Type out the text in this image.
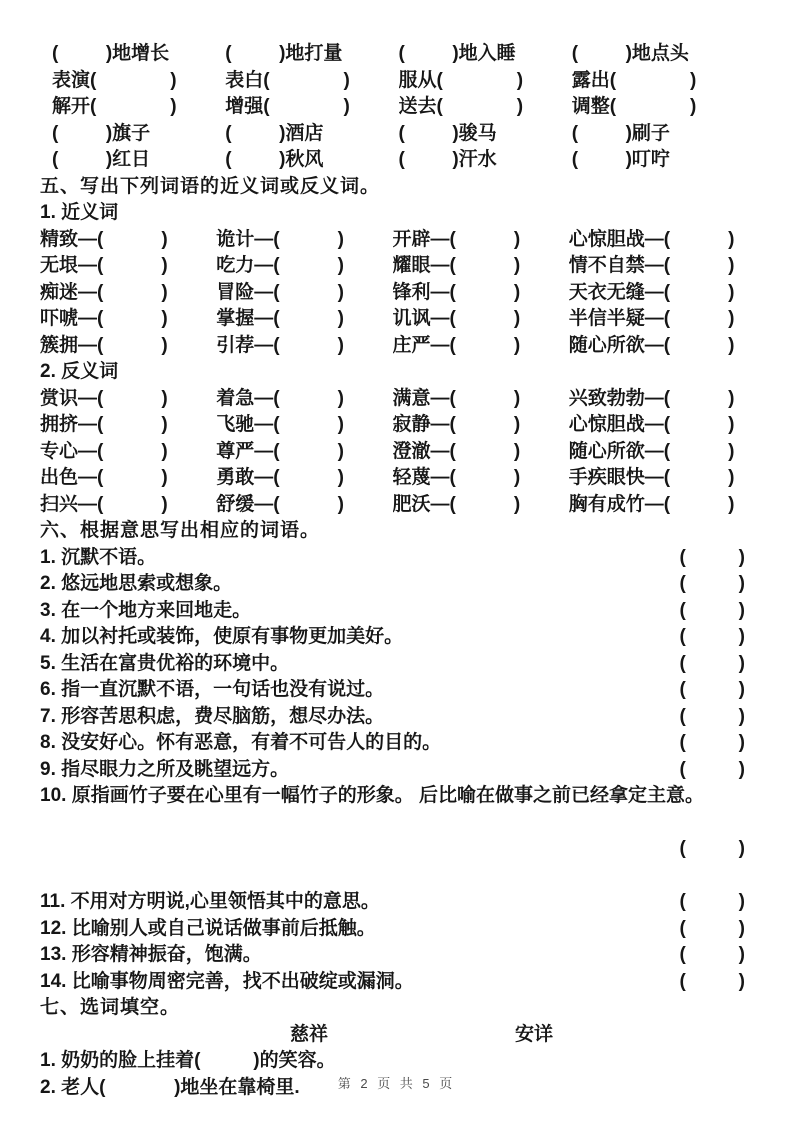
(         )地增长	(         )地打量	(         )地入睡	(         )地点头
表演(              )	表白(              )	服从(              )	露出(              )
解开(              )	增强(              )	送去(              )	调整(              )
(         )旗子	(         )酒店	(         )骏马	(         )刷子
(         )红日	(         )秋风	(         )汗水	(         )叮咛
五、写出下列词语的近义词或反义词。
1. 近义词
精致—(           )	诡计—(           )	开辟—(           )	心惊胆战—(           )
无垠—(           )	吃力—(           )	耀眼—(           )	情不自禁—(           )
痴迷—(           )	冒险—(           )	锋利—(           )	天衣无缝—(           )
吓唬—(           )	掌握—(           )	讥讽—(           )	半信半疑—(           )
簇拥—(           )	引荐—(           )	庄严—(           )	随心所欲—(           )
2. 反义词
赏识—(           )	着急—(           )	满意—(           )	兴致勃勃—(           )
拥挤—(           )	飞驰—(           )	寂静—(           )	心惊胆战—(           )
专心—(           )	尊严—(           )	澄澈—(           )	随心所欲—(           )
出色—(           )	勇敢—(           )	轻蔑—(           )	手疾眼快—(           )
扫兴—(           )	舒缓—(           )	肥沃—(           )	胸有成竹—(           )
六、根据意思写出相应的词语。
1. 沉默不语。	(          )
2. 悠远地思索或想象。	(          )
3. 在一个地方来回地走。	(          )
4. 加以衬托或装饰，使原有事物更加美好。	(          )
5. 生活在富贵优裕的环境中。	(          )
6. 指一直沉默不语，一句话也没有说过。	(          )
7. 形容苦思积虑，费尽脑筋，想尽办法。	(          )
8. 没安好心。怀有恶意，有着不可告人的目的。	(          )
9. 指尽眼力之所及眺望远方。	(          )
10. 原指画竹子要在心里有一幅竹子的形象。 后比喻在做事之前已经拿定主意。

(          )

11. 不用对方明说,心里领悟其中的意思。	(          )
12. 比喻别人或自己说话做事前后抵触。	(          )
13. 形容精神振奋，饱满。	(          )
14. 比喻事物周密完善，找不出破绽或漏洞。	(          )
七、选词填空。
慈祥	安详
1. 奶奶的脸上挂着(          )的笑容。
2. 老人(             )地坐在靠椅里.	第 2 页 共 5 页
